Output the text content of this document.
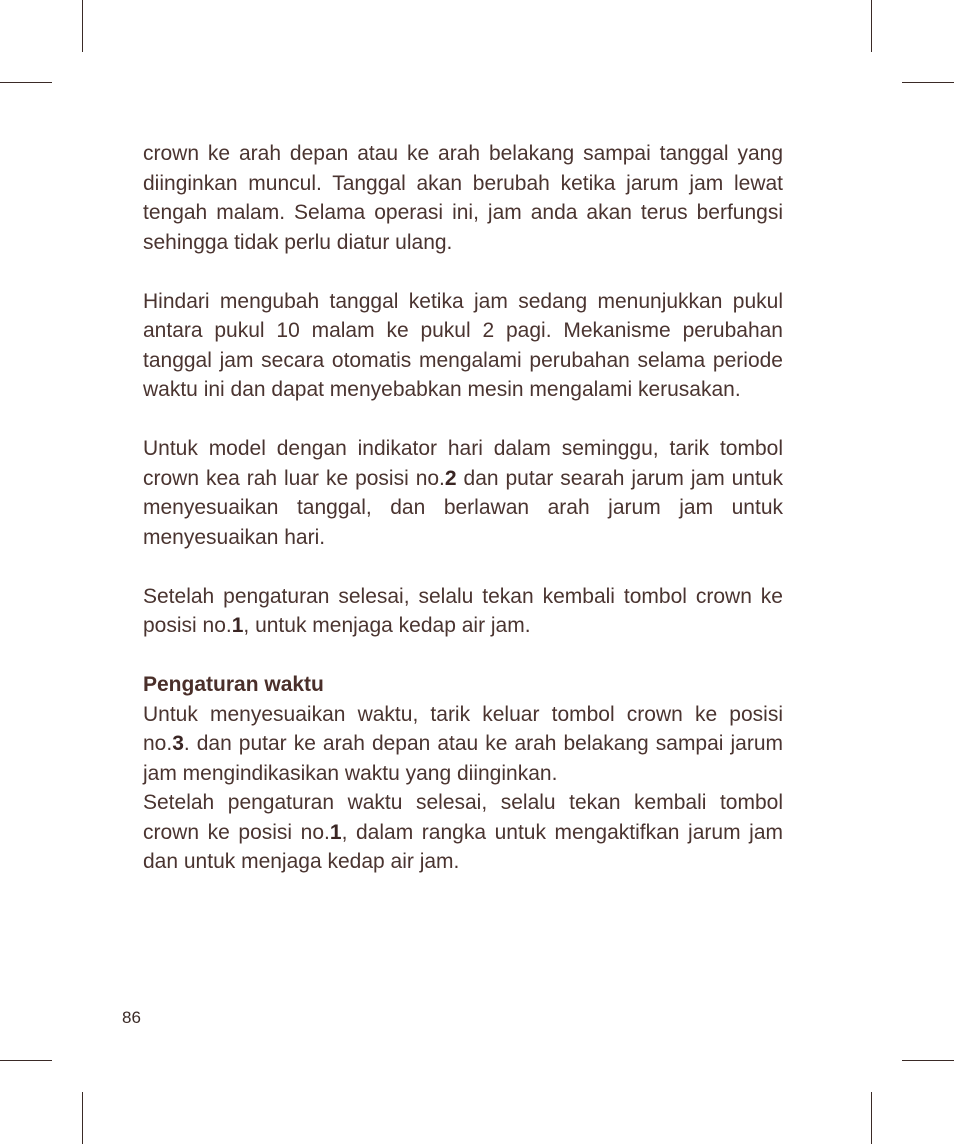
crown ke arah depan atau ke arah belakang sampai tanggal yang diinginkan muncul. Tanggal akan berubah ketika jarum jam lewat tengah malam. Selama operasi ini, jam anda akan terus berfungsi sehingga tidak perlu diatur ulang.

Hindari mengubah tanggal ketika jam sedang menunjukkan pukul antara pukul 10 malam ke pukul 2 pagi. Mekanisme perubahan tanggal jam secara otomatis mengalami perubahan selama periode waktu ini dan dapat menyebabkan mesin mengalami kerusakan.

Untuk model dengan indikator hari dalam seminggu, tarik tombol crown kea rah luar ke posisi no.2 dan putar searah jarum jam untuk menyesuaikan tanggal, dan berlawan arah jarum jam untuk menyesuaikan hari.

Setelah pengaturan selesai, selalu tekan kembali tombol crown ke posisi no.1, untuk menjaga kedap air jam.

Pengaturan waktu

Untuk menyesuaikan waktu, tarik keluar tombol crown ke posisi no.3. dan putar ke arah depan atau ke arah belakang sampai jarum jam mengindikasikan waktu yang diinginkan.

Setelah pengaturan waktu selesai, selalu tekan kembali tombol crown ke posisi no.1, dalam rangka untuk mengaktifkan jarum jam dan untuk menjaga kedap air jam.

86
